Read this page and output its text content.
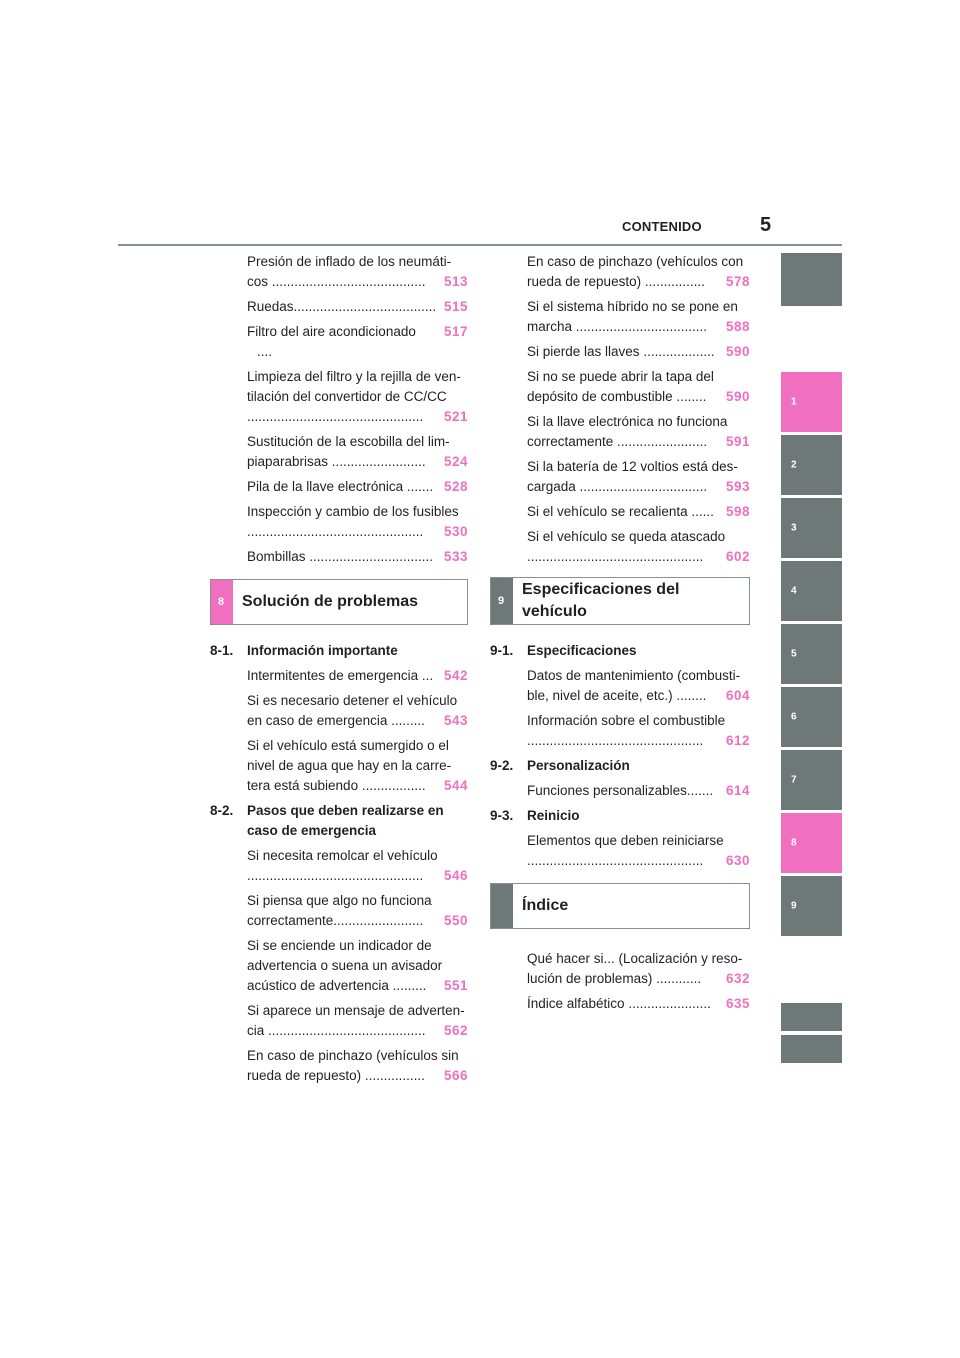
CONTENIDO	5
1
2
3
4
5
6
7
8
9
Presión de inflado de los neumáti-
cos ......................................... 513
Ruedas...................................... 515
Filtro del aire acondicionado ....
517
Limpieza del filtro y la rejilla de ven-
tilación del convertidor de CC/CC
............................................... 521
Sustitución de la escobilla del lim-
piaparabrisas ......................... 524
Pila de la llave electrónica ....... 528
Inspección y cambio de los fusibles
............................................... 530
Bombillas ................................. 533
8 Solución de problemas
8-1. Información importante
Intermitentes de emergencia ... 542
Si es necesario detener el vehículo
en caso de emergencia ......... 543
Si el vehículo está sumergido o el
nivel de agua que hay en la carre-
tera está subiendo ................. 544
8-2. Pasos que deben realizarse en
caso de emergencia
Si necesita remolcar el vehículo
............................................... 546
Si piensa que algo no funciona
correctamente........................ 550
Si se enciende un indicador de
advertencia o suena un avisador
acústico de advertencia ......... 551
Si aparece un mensaje de adverten-
cia .......................................... 562
En caso de pinchazo (vehículos sin
rueda de repuesto) ................ 566
En caso de pinchazo (vehículos con
rueda de repuesto) ................ 578
Si el sistema híbrido no se pone en
marcha ................................... 588
Si pierde las llaves ................... 590
Si no se puede abrir la tapa del
depósito de combustible ........ 590
Si la llave electrónica no funciona
correctamente ........................ 591
Si la batería de 12 voltios está des-
cargada .................................. 593
Si el vehículo se recalienta ...... 598
Si el vehículo se queda atascado
............................................... 602
9
Especificaciones del
vehículo
9-1. Especificaciones
Datos de mantenimiento (combusti-
ble, nivel de aceite, etc.) ........ 604
Información sobre el combustible
............................................... 612
9-2. Personalización
Funciones personalizables....... 614
9-3. Reinicio
Elementos que deben reiniciarse
............................................... 630
Índice
Qué hacer si... (Localización y reso-
lución de problemas) ............ 632
Índice alfabético ...................... 635
